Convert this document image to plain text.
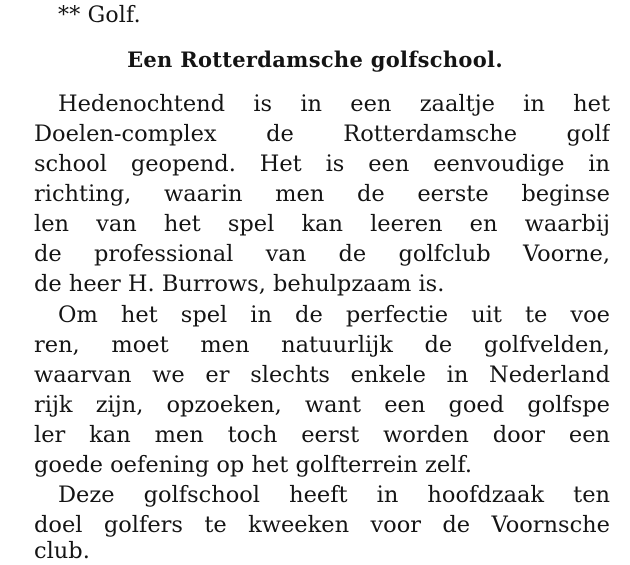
** Golf.
Een Rotterdamsche golfschool.
Hedenochtend is in een zaaltje in het
Doelen-complex de Rotterdamsche golf
school geopend. Het is een eenvoudige in
richting, waarin men de eerste beginse
len van het spel kan leeren en waarbij
de professional van de golfclub Voorne,
de heer H. Burrows, behulpzaam is.
Om het spel in de perfectie uit te voe
ren, moet men natuurlijk de golfvelden,
waarvan we er slechts enkele in Nederland
rijk zijn, opzoeken, want een goed golfspe
ler kan men toch eerst worden door een
goede oefening op het golfterrein zelf.
Deze golfschool heeft in hoofdzaak ten
doel golfers te kweeken voor de Voornsche
club.
